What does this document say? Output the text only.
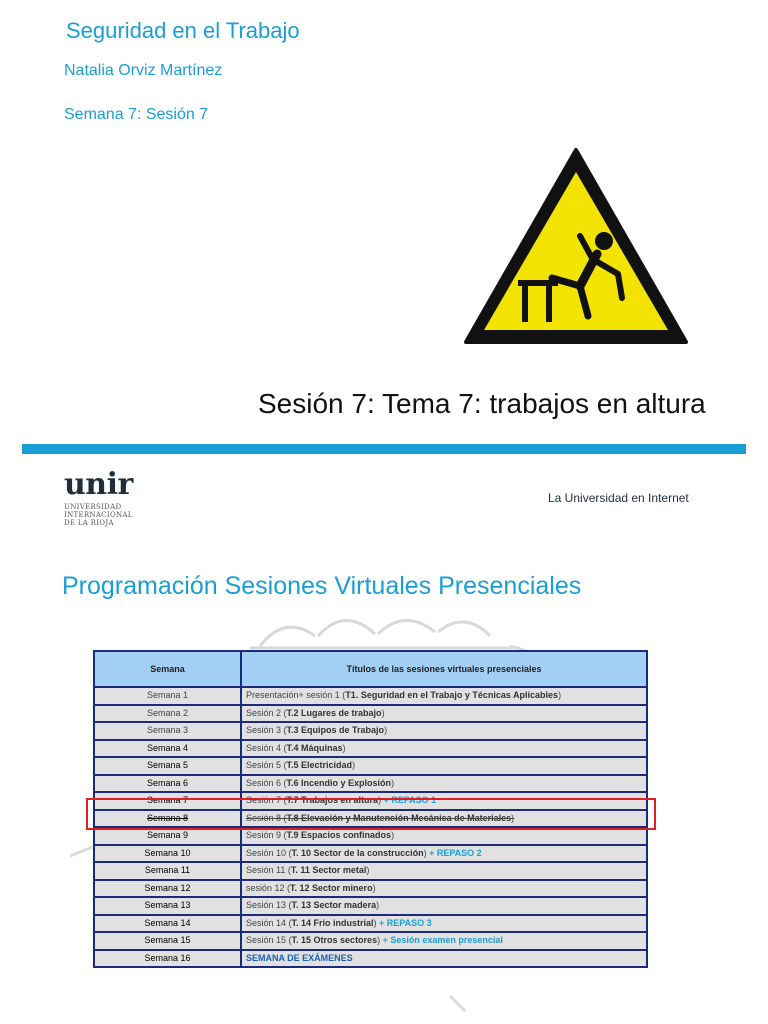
Seguridad en el Trabajo
Natalia Orviz Martínez
Semana 7: Sesión 7
Sesión 7: Tema 7: trabajos en altura
unir
UNIVERSIDAD
INTERNACIONAL
DE LA RIOJA
La Universidad en Internet
Programación Sesiones Virtuales Presenciales
Semana	Títulos de las sesiones virtuales presenciales
Semana 1	Presentación+ sesión 1 (T1. Seguridad en el Trabajo y Técnicas Aplicables)
Semana 2	Sesión 2 (T.2 Lugares de trabajo)
Semana 3	Sesión 3 (T.3 Equipos de Trabajo)
Semana 4	Sesión 4 (T.4 Máquinas)
Semana 5	Sesión 5 (T.5 Electricidad)
Semana 6	Sesión 6 (T.6 Incendio y Explosión)
Semana 7	Sesión 7 (T.7 Trabajos en altura) + REPASO 1
Semana 8	Sesión 8 (T.8 Elevación y Manutención Mecánica de Materiales)
Semana 9	Sesión 9 (T.9 Espacios confinados)
Semana 10	Sesión 10 (T. 10 Sector de la construcción) + REPASO 2
Semana 11	Sesión 11 (T. 11 Sector metal)
Semana 12	sesión 12 (T. 12 Sector minero)
Semana 13	Sesión 13 (T. 13 Sector madera)
Semana 14	Sesión 14 (T. 14 Frío industrial) + REPASO 3
Semana 15	Sesión 15 (T. 15 Otros sectores) + Sesión examen presencial
Semana 16	SEMANA DE EXÁMENES
